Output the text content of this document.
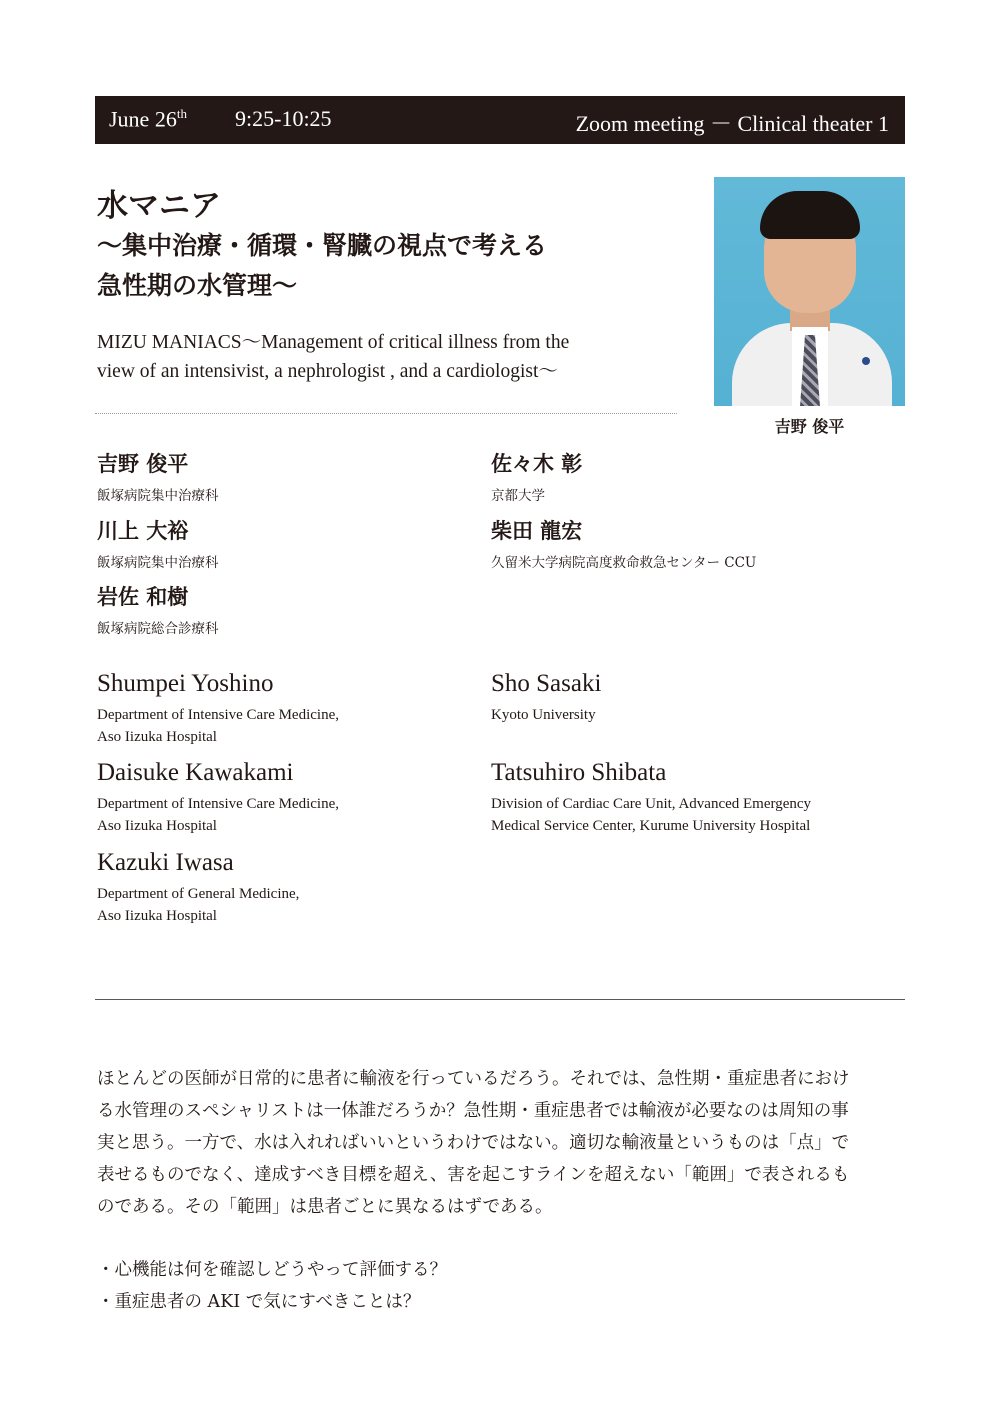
June 26th 9:25-10:25	Zoom meeting － Clinical theater 1
水マニア
～集中治療・循環・腎臓の視点で考える
急性期の水管理～
MIZU MANIACS～Management of critical illness from the
view of an intensivist, a nephrologist , and a cardiologist～
吉野 俊平
吉野 俊平
飯塚病院集中治療科
川上 大裕
飯塚病院集中治療科
岩佐 和樹
飯塚病院総合診療科
佐々木 彰
京都大学
柴田 龍宏
久留米大学病院高度救命救急センター CCU
Shumpei Yoshino
Department of Intensive Care Medicine,
Aso Iizuka Hospital
Daisuke Kawakami
Department of Intensive Care Medicine,
Aso Iizuka Hospital
Kazuki Iwasa
Department of General Medicine,
Aso Iizuka Hospital
Sho Sasaki
Kyoto University
Tatsuhiro Shibata
Division of Cardiac Care Unit, Advanced Emergency
Medical Service Center, Kurume University Hospital

ほとんどの医師が日常的に患者に輸液を行っているだろう。それでは、急性期・重症患者におけ

る水管理のスペシャリストは一体誰だろうか？急性期・重症患者では輸液が必要なのは周知の事

実と思う。一方で、水は入れればいいというわけではない。適切な輸液量というものは「点」で

表せるものでなく、達成すべき目標を超え、害を起こすラインを超えない「範囲」で表されるも

のである。その「範囲」は患者ごとに異なるはずである。

・心機能は何を確認しどうやって評価する？
・重症患者の AKI で気にすべきことは？
